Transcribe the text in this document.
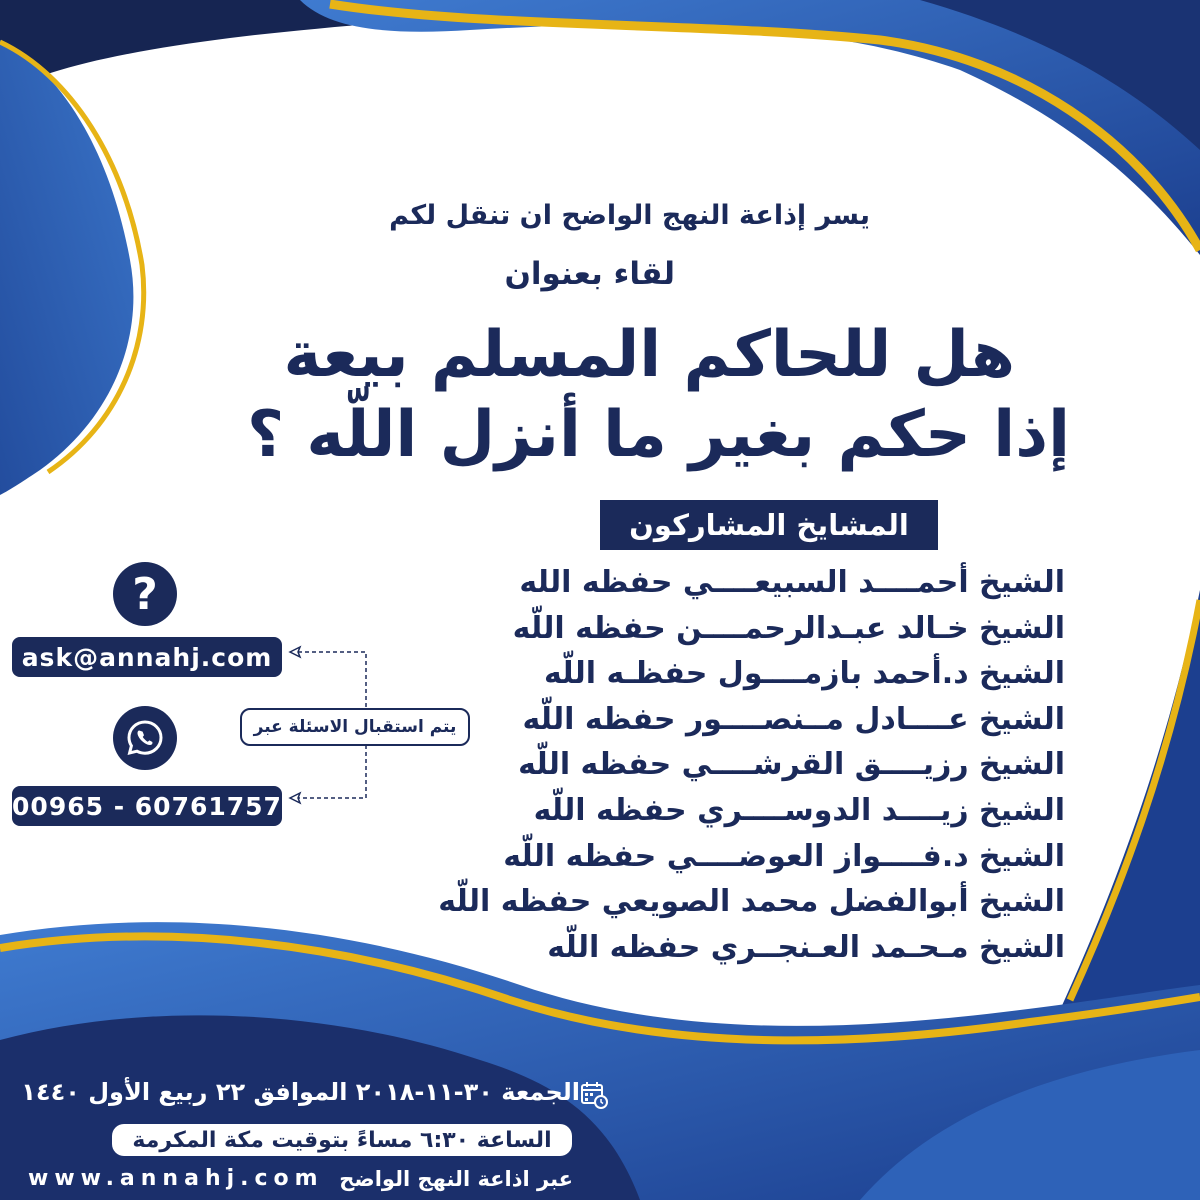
يسر إذاعة النهج الواضح ان تنقل لكم
لقاء بعنوان
هل للحاكم المسلم بيعة
إذا حكم بغير ما أنزل اللّه ؟
المشايخ المشاركون
الشيخ أحمــــد السبيعــــي حفظه الله
الشيخ خـالد عبـدالرحمــــن حفظه اللّه
الشيخ د.أحمد بازمــــول حفظـه اللّه
الشيخ عــــادل مــنصــــور حفظه اللّه
الشيخ رزيــــق القرشــــي حفظه اللّه
الشيخ زيــــد الدوســــري حفظه اللّه
الشيخ د.فــــواز العوضــــي حفظه اللّه
الشيخ أبوالفضل محمد الصويعي حفظه اللّه
الشيخ مـحـمد العـنجــري حفظه اللّه
?
ask@annahj.com
00965 - 60761757
يتم استقبال الاسئلة عبر
الجمعة ٣٠-١١-٢٠١٨ الموافق ٢٢ ربيع الأول ١٤٤٠
الساعة ٦:٣٠ مساءً بتوقيت مكة المكرمة
www.annahj.com عبر اذاعة النهج الواضح
